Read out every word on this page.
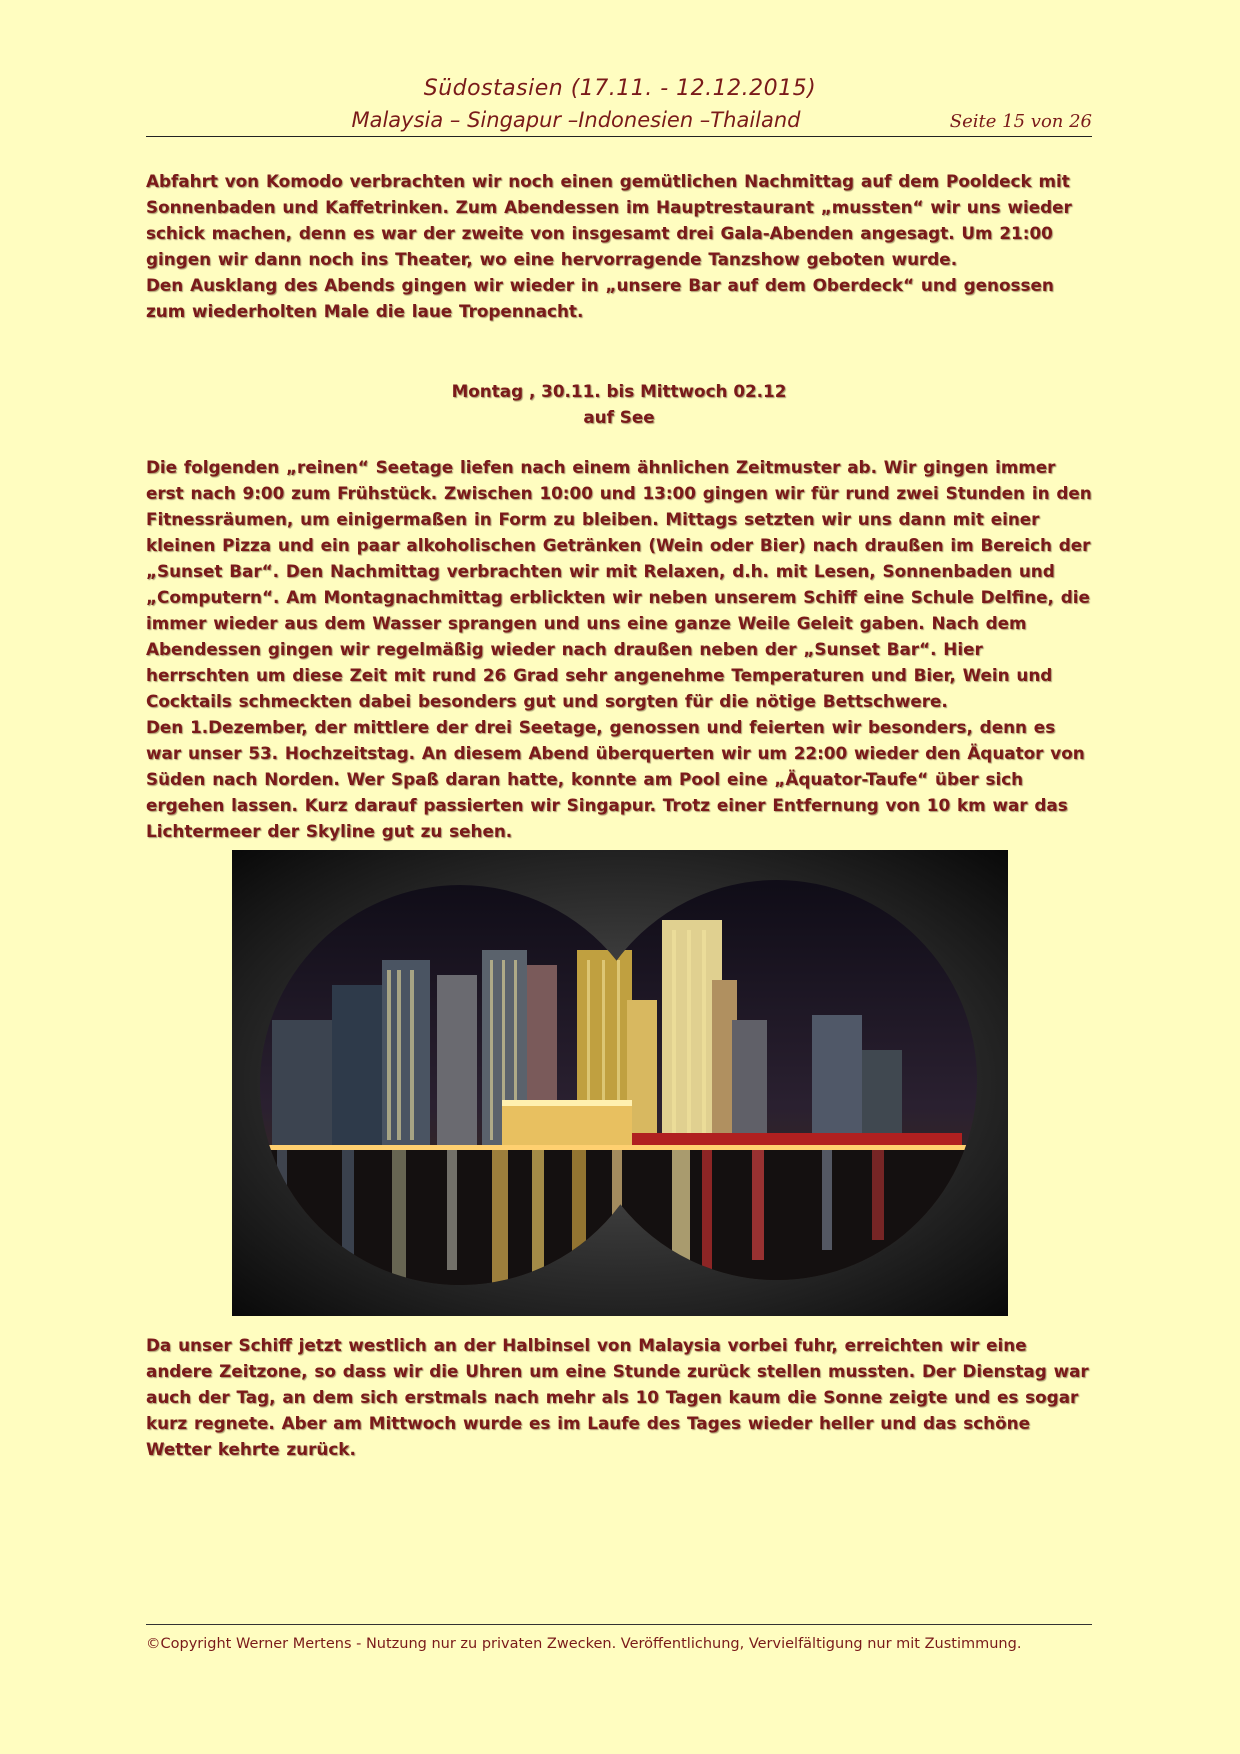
Südostasien (17.11. - 12.12.2015)
Malaysia – Singapur –Indonesien –Thailand	Seite 15 von 26

Abfahrt von Komodo verbrachten wir noch einen gemütlichen Nachmittag auf dem Pooldeck mit Sonnenbaden und Kaffetrinken. Zum Abendessen im Hauptrestaurant „mussten“ wir uns wieder schick machen, denn es war der zweite von insgesamt drei Gala-Abenden angesagt. Um 21:00 gingen wir dann noch ins Theater, wo eine hervorragende Tanzshow geboten wurde.
Den Ausklang des Abends gingen wir wieder in „unsere Bar auf dem Oberdeck“ und genossen zum wiederholten Male die laue Tropennacht.

Montag , 30.11. bis Mittwoch 02.12
auf See

Die folgenden „reinen“ Seetage liefen nach einem ähnlichen Zeitmuster ab. Wir gingen immer erst nach 9:00 zum Frühstück. Zwischen 10:00 und 13:00 gingen wir für rund zwei Stunden in den Fitnessräumen, um einigermaßen in Form zu bleiben. Mittags setzten wir uns dann mit einer kleinen Pizza und ein paar alkoholischen Getränken (Wein oder Bier) nach draußen im Bereich der „Sunset Bar“. Den Nachmittag verbrachten wir mit Relaxen, d.h. mit Lesen, Sonnenbaden und „Computern“. Am Montagnachmittag erblickten wir neben unserem Schiff eine Schule Delfine, die immer wieder aus dem Wasser sprangen und uns eine ganze Weile Geleit gaben. Nach dem Abendessen gingen wir regelmäßig wieder nach draußen neben der „Sunset Bar“. Hier herrschten um diese Zeit mit rund 26 Grad sehr angenehme Temperaturen und Bier, Wein und Cocktails schmeckten dabei besonders gut und sorgten für die nötige Bettschwere.
Den 1.Dezember, der mittlere der drei Seetage, genossen und feierten wir besonders, denn es war unser 53. Hochzeitstag. An diesem Abend überquerten wir um 22:00 wieder den Äquator von Süden nach Norden. Wer Spaß daran hatte, konnte am Pool eine „Äquator-Taufe“ über sich ergehen lassen. Kurz darauf passierten wir Singapur. Trotz einer Entfernung von 10 km war das Lichtermeer der Skyline gut zu sehen.

Da unser Schiff jetzt westlich an der Halbinsel von Malaysia vorbei fuhr, erreichten wir eine andere Zeitzone, so dass wir die Uhren um eine Stunde zurück stellen mussten. Der Dienstag war auch der Tag, an dem sich erstmals nach mehr als 10 Tagen kaum die Sonne zeigte und es sogar kurz regnete. Aber am Mittwoch wurde es im Laufe des Tages wieder heller und das schöne Wetter kehrte zurück.

©Copyright Werner Mertens - Nutzung nur zu privaten Zwecken. Veröffentlichung, Vervielfältigung nur mit Zustimmung.
